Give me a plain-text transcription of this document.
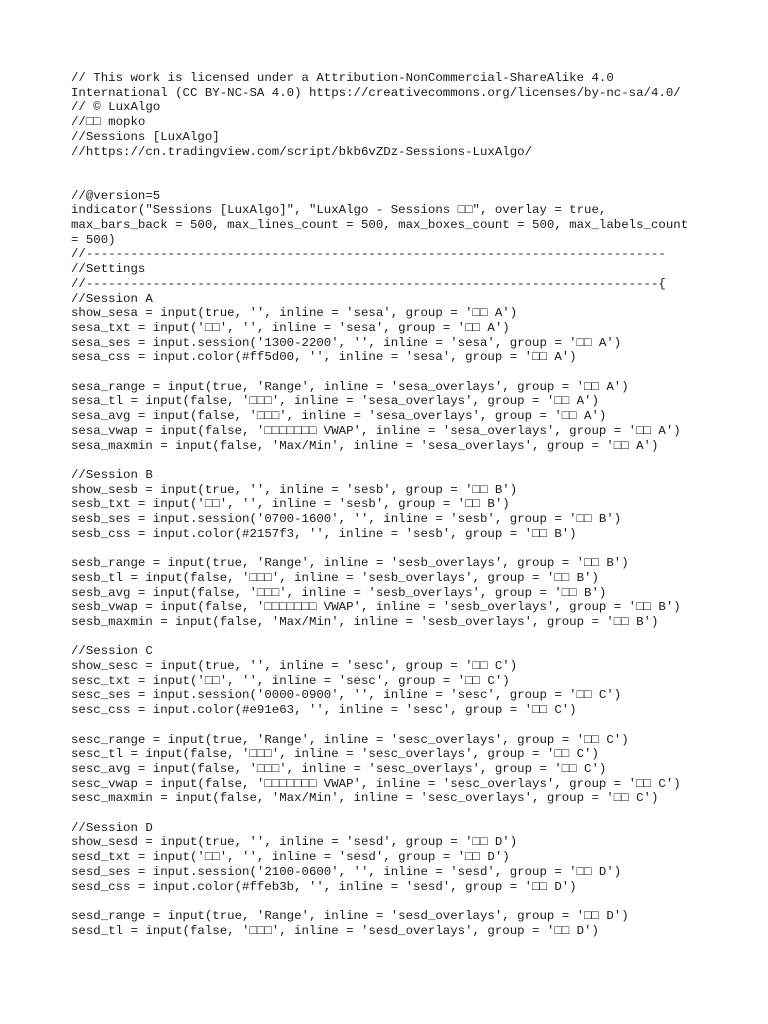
// This work is licensed under a Attribution-NonCommercial-ShareAlike 4.0 International (CC BY-NC-SA 4.0) https://creativecommons.org/licenses/by-nc-sa/4.0/
// © LuxAlgo
//□□ mopko
//Sessions [LuxAlgo]
//https://cn.tradingview.com/script/bkb6vZDz-Sessions-LuxAlgo/
//@version=5
indicator("Sessions [LuxAlgo]", "LuxAlgo - Sessions □□", overlay = true, max_bars_back = 500, max_lines_count = 500, max_boxes_count = 500, max_labels_count = 500)
//------------------------------------------------------------------------------
//Settings
//-----------------------------------------------------------------------------{
//Session A
show_sesa = input(true, '', inline = 'sesa', group = '□□ A')
sesa_txt = input('□□', '', inline = 'sesa', group = '□□ A')
sesa_ses = input.session('1300-2200', '', inline = 'sesa', group = '□□ A')
sesa_css = input.color(#ff5d00, '', inline = 'sesa', group = '□□ A')
sesa_range = input(true, 'Range', inline = 'sesa_overlays', group = '□□ A')
sesa_tl = input(false, '□□□', inline = 'sesa_overlays', group = '□□ A')
sesa_avg = input(false, '□□□', inline = 'sesa_overlays', group = '□□ A')
sesa_vwap = input(false, '□□□□□□□ VWAP', inline = 'sesa_overlays', group = '□□ A')
sesa_maxmin = input(false, 'Max/Min', inline = 'sesa_overlays', group = '□□ A')
//Session B
show_sesb = input(true, '', inline = 'sesb', group = '□□ B')
sesb_txt = input('□□', '', inline = 'sesb', group = '□□ B')
sesb_ses = input.session('0700-1600', '', inline = 'sesb', group = '□□ B')
sesb_css = input.color(#2157f3, '', inline = 'sesb', group = '□□ B')
sesb_range = input(true, 'Range', inline = 'sesb_overlays', group = '□□ B')
sesb_tl = input(false, '□□□', inline = 'sesb_overlays', group = '□□ B')
sesb_avg = input(false, '□□□', inline = 'sesb_overlays', group = '□□ B')
sesb_vwap = input(false, '□□□□□□□ VWAP', inline = 'sesb_overlays', group = '□□ B')
sesb_maxmin = input(false, 'Max/Min', inline = 'sesb_overlays', group = '□□ B')
//Session C
show_sesc = input(true, '', inline = 'sesc', group = '□□ C')
sesc_txt = input('□□', '', inline = 'sesc', group = '□□ C')
sesc_ses = input.session('0000-0900', '', inline = 'sesc', group = '□□ C')
sesc_css = input.color(#e91e63, '', inline = 'sesc', group = '□□ C')
sesc_range = input(true, 'Range', inline = 'sesc_overlays', group = '□□ C')
sesc_tl = input(false, '□□□', inline = 'sesc_overlays', group = '□□ C')
sesc_avg = input(false, '□□□', inline = 'sesc_overlays', group = '□□ C')
sesc_vwap = input(false, '□□□□□□□ VWAP', inline = 'sesc_overlays', group = '□□ C')
sesc_maxmin = input(false, 'Max/Min', inline = 'sesc_overlays', group = '□□ C')
//Session D
show_sesd = input(true, '', inline = 'sesd', group = '□□ D')
sesd_txt = input('□□', '', inline = 'sesd', group = '□□ D')
sesd_ses = input.session('2100-0600', '', inline = 'sesd', group = '□□ D')
sesd_css = input.color(#ffeb3b, '', inline = 'sesd', group = '□□ D')
sesd_range = input(true, 'Range', inline = 'sesd_overlays', group = '□□ D')
sesd_tl = input(false, '□□□', inline = 'sesd_overlays', group = '□□ D')
